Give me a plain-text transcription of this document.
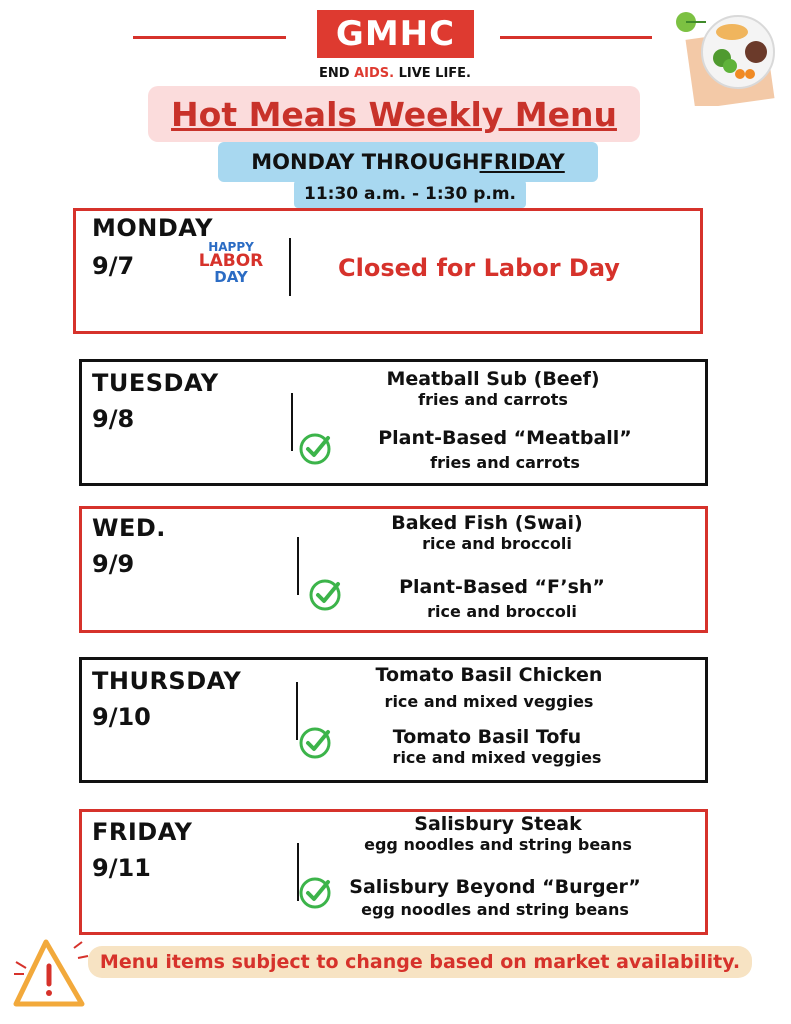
GMHC
END AIDS. LIVE LIFE.
Hot Meals Weekly Menu
MONDAY THROUGH FRIDAY
11:30 a.m. - 1:30 p.m.
MONDAY
9/7
HAPPY
LABOR
DAY	Closed for Labor Day
TUESDAY
9/8
Meatball Sub (Beef)
fries and carrots
Plant-Based “Meatball”
fries and carrots
WED.
9/9
Baked Fish (Swai)
rice and broccoli
Plant-Based “F’sh”
rice and broccoli
THURSDAY
9/10
Tomato Basil Chicken
rice and mixed veggies
Tomato Basil Tofu
rice and mixed veggies
FRIDAY
9/11
Salisbury Steak
egg noodles and string beans
Salisbury Beyond “Burger”
egg noodles and string beans
Menu items subject to change based on market availability.
